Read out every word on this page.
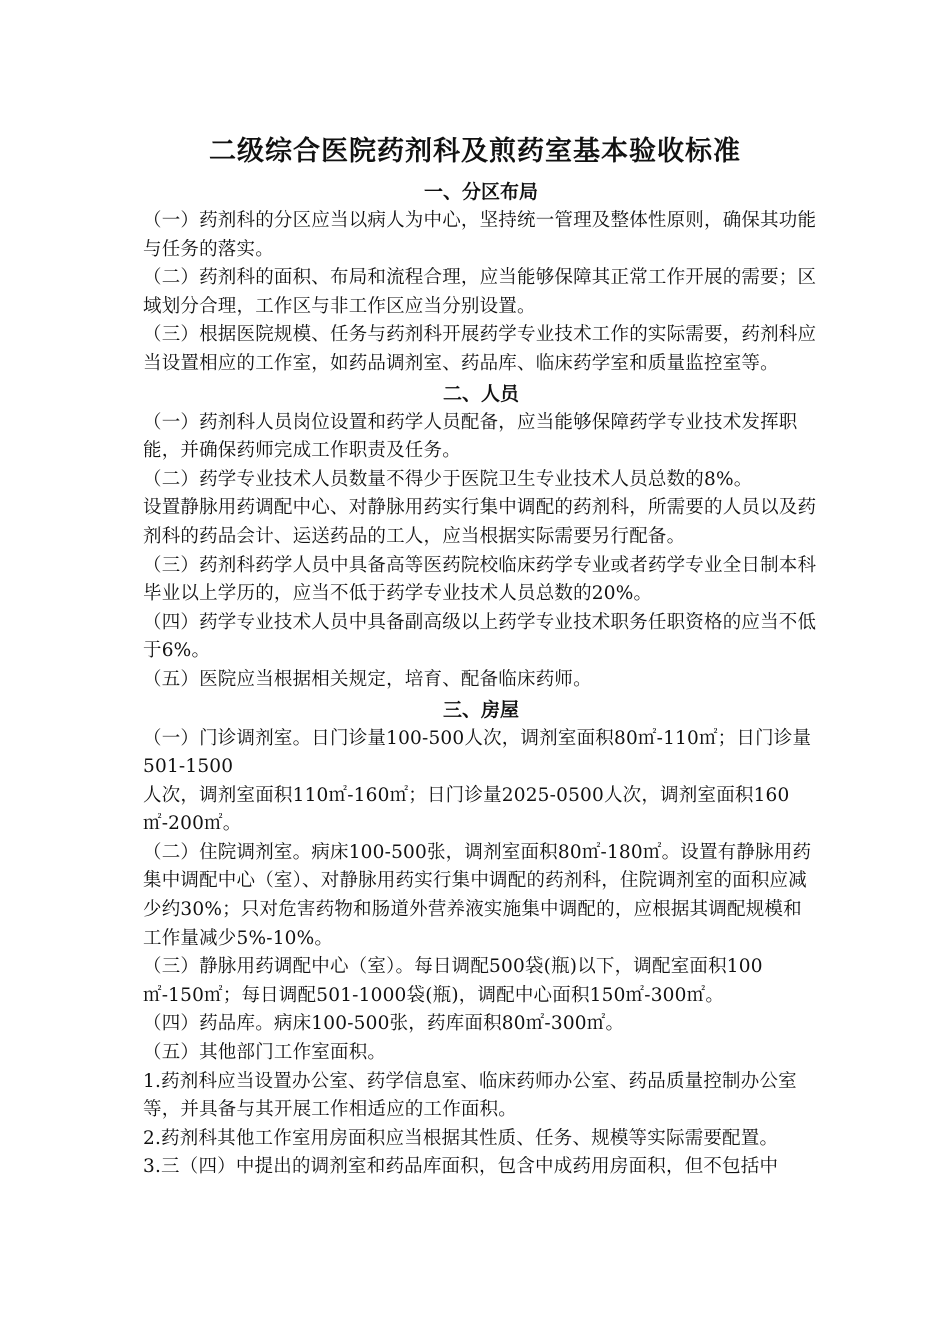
二级综合医院药剂科及煎药室基本验收标准
一、分区布局

（一）药剂科的分区应当以病人为中心，坚持统一管理及整体性原则，确保其功能与任务的落实。

（二）药剂科的面积、布局和流程合理，应当能够保障其正常工作开展的需要；区域划分合理，工作区与非工作区应当分别设置。

（三）根据医院规模、任务与药剂科开展药学专业技术工作的实际需要，药剂科应当设置相应的工作室，如药品调剂室、药品库、临床药学室和质量监控室等。

二、人员

（一）药剂科人员岗位设置和药学人员配备，应当能够保障药学专业技术发挥职能，并确保药师完成工作职责及任务。

（二）药学专业技术人员数量不得少于医院卫生专业技术人员总数的8%。

设置静脉用药调配中心、对静脉用药实行集中调配的药剂科，所需要的人员以及药剂科的药品会计、运送药品的工人，应当根据实际需要另行配备。

（三）药剂科药学人员中具备高等医药院校临床药学专业或者药学专业全日制本科毕业以上学历的，应当不低于药学专业技术人员总数的20%。

（四）药学专业技术人员中具备副高级以上药学专业技术职务任职资格的应当不低于6%。

（五）医院应当根据相关规定，培育、配备临床药师。

三、房屋

（一）门诊调剂室。日门诊量100-500人次，调剂室面积80㎡-110㎡；日门诊量501-1500

人次，调剂室面积110㎡-160㎡；日门诊量2025-0500人次，调剂室面积160㎡-200㎡。

（二）住院调剂室。病床100-500张，调剂室面积80㎡-180㎡。设置有静脉用药集中调配中心（室）、对静脉用药实行集中调配的药剂科，住院调剂室的面积应减少约30%；只对危害药物和肠道外营养液实施集中调配的，应根据其调配规模和工作量减少5%-10%。

（三）静脉用药调配中心（室）。每日调配500袋(瓶)以下，调配室面积100㎡-150㎡；每日调配501-1000袋(瓶)，调配中心面积150㎡-300㎡。

（四）药品库。病床100-500张，药库面积80㎡-300㎡。

（五）其他部门工作室面积。

1.药剂科应当设置办公室、药学信息室、临床药师办公室、药品质量控制办公室等，并具备与其开展工作相适应的工作面积。

2.药剂科其他工作室用房面积应当根据其性质、任务、规模等实际需要配置。

3.三（四）中提出的调剂室和药品库面积，包含中成药用房面积，但不包括中
